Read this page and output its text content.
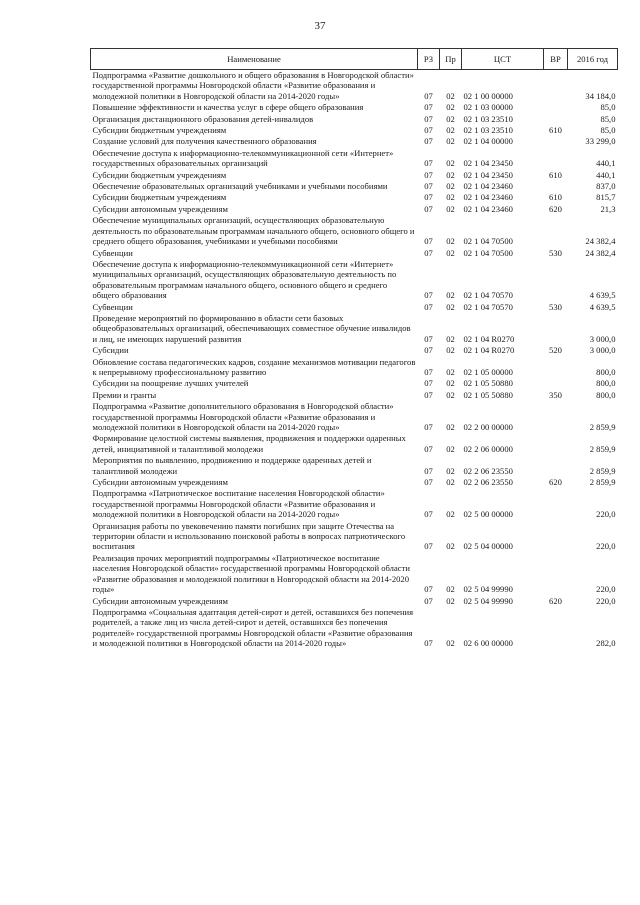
37
Наименование	РЗ	Пр	ЦСТ	ВР	2016 год
Подпрограмма «Развитие дошкольного и общего образования в Новгородской области» государственной программы Новгородской области «Развитие образования и молодежной политики в Новгородской области на 2014-2020 годы»	07	02	02 1 00 00000		34 184,0
Повышение эффективности и качества услуг в сфере общего образования	07	02	02 1 03 00000		85,0
Организация дистанционного образования детей-инвалидов	07	02	02 1 03 23510		85,0
Субсидии бюджетным учреждениям	07	02	02 1 03 23510	610	85,0
Создание условий для получения качественного образования	07	02	02 1 04 00000		33 299,0
Обеспечение доступа к информационно-телекоммуникационной сети «Интернет» государственных образовательных организаций	07	02	02 1 04 23450		440,1
Субсидии бюджетным учреждениям	07	02	02 1 04 23450	610	440,1
Обеспечение образовательных организаций учебниками и учебными пособиями	07	02	02 1 04 23460		837,0
Субсидии бюджетным учреждениям	07	02	02 1 04 23460	610	815,7
Субсидии автономным учреждениям	07	02	02 1 04 23460	620	21,3
Обеспечение муниципальных организаций, осуществляющих образовательную деятельность по образовательным программам начального общего, основного общего и среднего общего образования, учебниками и учебными пособиями	07	02	02 1 04 70500		24 382,4
Субвенции	07	02	02 1 04 70500	530	24 382,4
Обеспечение доступа к информационно-телекоммуникационной сети «Интернет» муниципальных организаций, осуществляющих образовательную деятельность по образовательным программам начального общего, основного общего и среднего общего образования	07	02	02 1 04 70570		4 639,5
Субвенции	07	02	02 1 04 70570	530	4 639,5
Проведение мероприятий по формированию в области сети базовых общеобразовательных организаций, обеспечивающих совместное обучение инвалидов и лиц, не имеющих нарушений развития	07	02	02 1 04 R0270		3 000,0
Субсидии	07	02	02 1 04 R0270	520	3 000,0
Обновление состава педагогических кадров, создание механизмов мотивации педагогов к непрерывному профессиональному развитию	07	02	02 1 05 00000		800,0
Субсидии на поощрение лучших учителей	07	02	02 1 05 50880		800,0
Премии и гранты	07	02	02 1 05 50880	350	800,0
Подпрограмма «Развитие дополнительного образования в Новгородской области» государственной программы Новгородской области «Развитие образования и молодежной политики в Новгородской области на 2014-2020 годы»	07	02	02 2 00 00000		2 859,9
Формирование целостной системы выявления, продвижения и поддержки одаренных детей, инициативной и талантливой молодежи	07	02	02 2 06 00000		2 859,9
Мероприятия по выявлению, продвижению и поддержке одаренных детей и талантливой молодежи	07	02	02 2 06 23550		2 859,9
Субсидии автономным учреждениям	07	02	02 2 06 23550	620	2 859,9
Подпрограмма «Патриотическое воспитание населения Новгородской области» государственной программы Новгородской области «Развитие образования и молодежной политики в Новгородской области на 2014-2020 годы»	07	02	02 5 00 00000		220,0
Организация работы по увековечению памяти погибших при защите Отечества на территории области и использованию поисковой работы в вопросах патриотического воспитания	07	02	02 5 04 00000		220,0
Реализация прочих мероприятий подпрограммы «Патриотическое воспитание населения Новгородской области» государственной программы Новгородской области «Развитие образования и молодежной политики в Новгородской области на 2014-2020 годы»	07	02	02 5 04 99990		220,0
Субсидии автономным учреждениям	07	02	02 5 04 99990	620	220,0
Подпрограмма «Социальная адаптация детей-сирот и детей, оставшихся без попечения родителей, а также лиц из числа детей-сирот и детей, оставшихся без попечения родителей» государственной программы Новгородской области «Развитие образования и молодежной политики в Новгородской области на 2014-2020 годы»	07	02	02 6 00 00000		282,0
